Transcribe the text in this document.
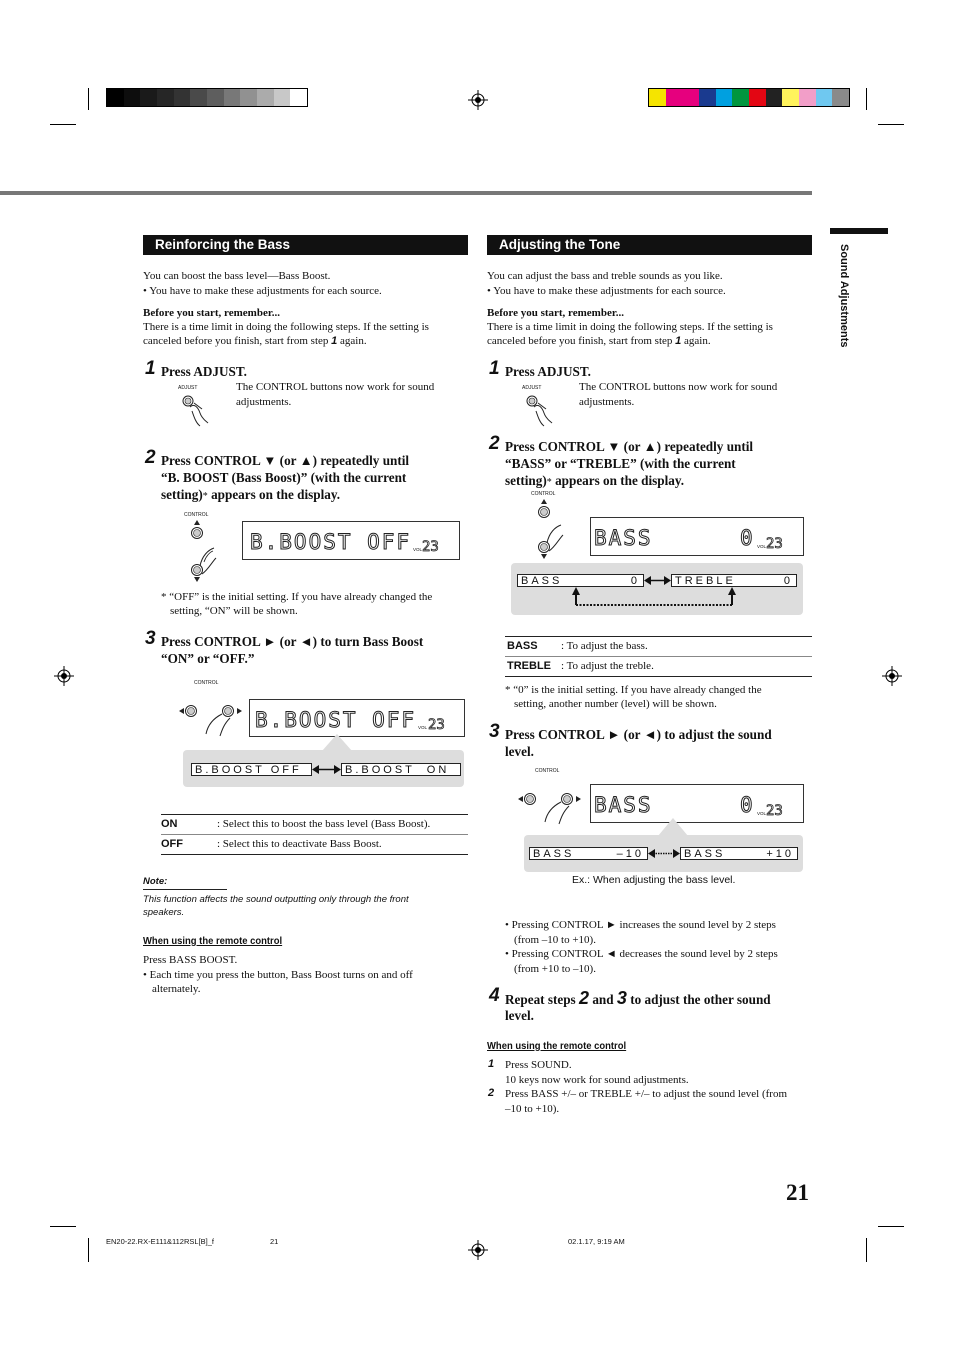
Sound Adjustments
Reinforcing the Bass
You can boost the bass level—Bass Boost.
• You have to make these adjustments for each source.
Before you start, remember...
There is a time limit in doing the following steps. If the setting is
canceled before you finish, start from step 1 again.
1 Press ADJUST.
ADJUST	The CONTROL buttons now work for sound
adjustments.
2 Press CONTROL ▼ (or ▲) repeatedly until
“B. BOOST (Bass Boost)” (with the current
setting)* appears on the display.
CONTROL
B.BOOST OFF VOL 23
* “OFF” is the initial setting. If you have already changed the
setting, “ON” will be shown.
3 Press CONTROL ► (or ◄) to turn Bass Boost
“ON” or “OFF.”
CONTROL
B.BOOST OFF VOL 23
B.BOOST OFF	B.BOOST  ON
ON	: Select this to boost the bass level (Bass Boost).
OFF	: Select this to deactivate Bass Boost.
Note:
This function affects the sound outputting only through the front
speakers.
When using the remote control
Press BASS BOOST.
• Each time you press the button, Bass Boost turns on and off
alternately.
Adjusting the Tone
You can adjust the bass and treble sounds as you like.
• You have to make these adjustments for each source.
Before you start, remember...
There is a time limit in doing the following steps. If the setting is
canceled before you finish, start from step 1 again.
1 Press ADJUST.
ADJUST	The CONTROL buttons now work for sound
adjustments.
2 Press CONTROL ▼ (or ▲) repeatedly until
“BASS” or “TREBLE” (with the current
setting)* appears on the display.
CONTROL
BASS	0 VOL 23
BASS	0	TREBLE	0
BASS : To adjust the bass.
TREBLE : To adjust the treble.
* “0” is the initial setting. If you have already changed the
setting, another number (level) will be shown.
3 Press CONTROL ► (or ◄) to adjust the sound
level.
CONTROL
BASS	0 VOL 23
BASS	–10	BASS	+10
Ex.: When adjusting the bass level.
• Pressing CONTROL ► increases the sound level by 2 steps
(from –10 to +10).
• Pressing CONTROL ◄ decreases the sound level by 2 steps
(from +10 to –10).
4 Repeat steps 2 and 3 to adjust the other sound
level.
When using the remote control
1 Press SOUND.
10 keys now work for sound adjustments.
2 Press BASS +/– or TREBLE +/– to adjust the sound level (from
–10 to +10).
21
EN20-22.RX-E111&112RSL[B]_f	21	02.1.17, 9:19 AM
